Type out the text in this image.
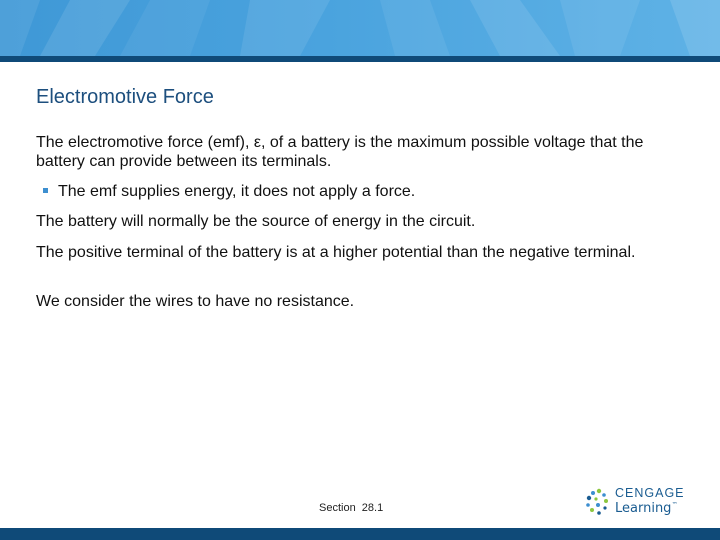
Electromotive Force

The electromotive force (emf), ε, of a battery is the maximum possible voltage that the battery can provide between its terminals.

The emf supplies energy, it does not apply a force.

The battery will normally be the source of energy in the circuit.

The positive terminal of the battery is at a higher potential than the negative terminal.

We consider the wires to have no resistance.

Section  28.1
CENGAGE
Learning™
